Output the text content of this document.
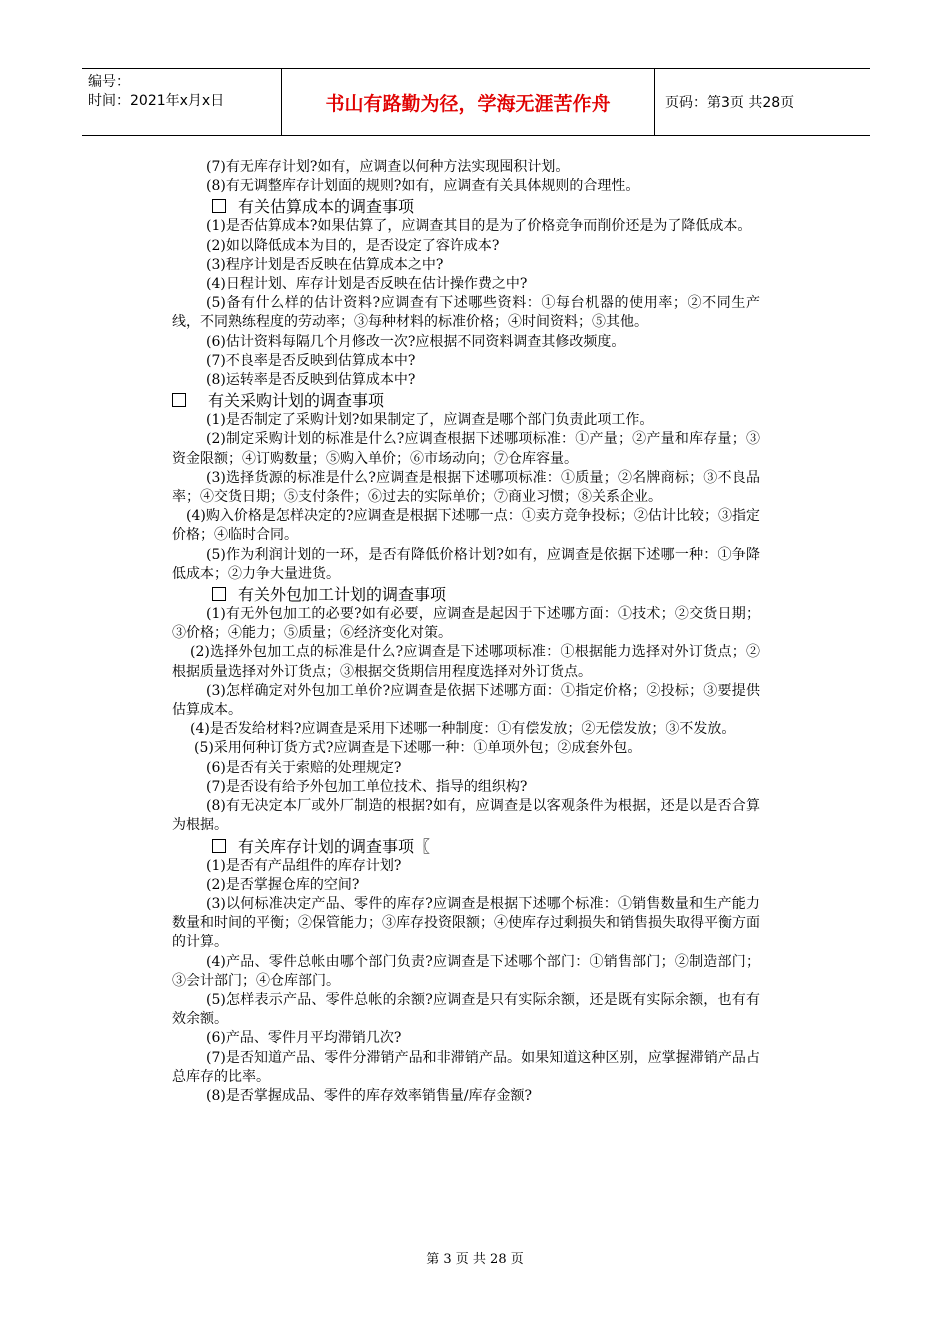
编号：
时间：2021年x月x日	书山有路勤为径，学海无涯苦作舟	页码：第3页 共28页

(7)有无库存计划?如有，应调查以何种方法实现囤积计划。

(8)有无调整库存计划面的规则?如有，应调查有关具体规则的合理性。

有关估算成本的调查事项

(1)是否估算成本?如果估算了，应调查其目的是为了价格竞争而削价还是为了降低成本。

(2)如以降低成本为目的，是否设定了容许成本?

(3)程序计划是否反映在估算成本之中?

(4)日程计划、库存计划是否反映在估计操作费之中?

(5)备有什么样的估计资料?应调查有下述哪些资料：①每台机器的使用率；②不同生产线，不同熟练程度的劳动率；③每种材料的标准价格；④时间资料；⑤其他。

(6)估计资料每隔几个月修改一次?应根据不同资料调查其修改频度。

(7)不良率是否反映到估算成本中?

(8)运转率是否反映到估算成本中?

有关采购计划的调查事项

(1)是否制定了采购计划?如果制定了，应调查是哪个部门负责此项工作。

(2)制定采购计划的标准是什么?应调查根据下述哪项标准：①产量；②产量和库存量；③资金限额；④订购数量；⑤购入单价；⑥市场动向；⑦仓库容量。

(3)选择货源的标准是什么?应调查是根据下述哪项标准：①质量；②名牌商标；③不良品率；④交货日期；⑤支付条件；⑥过去的实际单价；⑦商业习惯；⑧关系企业。

(4)购入价格是怎样决定的?应调查是根据下述哪一点：①卖方竞争投标；②估计比较；③指定价格；④临时合同。

(5)作为利润计划的一环，是否有降低价格计划?如有，应调查是依据下述哪一种：①争降低成本；②力争大量进货。

有关外包加工计划的调查事项

(1)有无外包加工的必要?如有必要，应调查是起因于下述哪方面：①技术；②交货日期；③价格；④能力；⑤质量；⑥经济变化对策。

(2)选择外包加工点的标准是什么?应调查是下述哪项标准：①根据能力选择对外订货点；②根据质量选择对外订货点；③根据交货期信用程度选择对外订货点。

(3)怎样确定对外包加工单价?应调查是依据下述哪方面：①指定价格；②投标；③要提供估算成本。

(4)是否发给材料?应调查是采用下述哪一种制度：①有偿发放；②无偿发放；③不发放。

(5)采用何种订货方式?应调查是下述哪一种：①单项外包；②成套外包。

(6)是否有关于索赔的处理规定?

(7)是否设有给予外包加工单位技术、指导的组织构?

(8)有无决定本厂或外厂制造的根据?如有，应调查是以客观条件为根据，还是以是否合算为根据。

有关库存计划的调查事项〖

(1)是否有产品组件的库存计划?

(2)是否掌握仓库的空间?

(3)以何标准决定产品、零件的库存?应调查是根据下述哪个标准：①销售数量和生产能力数量和时间的平衡；②保管能力；③库存投资限额；④使库存过剩损失和销售损失取得平衡方面的计算。

(4)产品、零件总帐由哪个部门负责?应调查是下述哪个部门：①销售部门；②制造部门；③会计部门；④仓库部门。

(5)怎样表示产品、零件总帐的余额?应调查是只有实际余额，还是既有实际余额，也有有效余额。

(6)产品、零件月平均滞销几次?

(7)是否知道产品、零件分滞销产品和非滞销产品。如果知道这种区别，应掌握滞销产品占总库存的比率。

(8)是否掌握成品、零件的库存效率销售量/库存金额?

第 3 页 共 28 页
